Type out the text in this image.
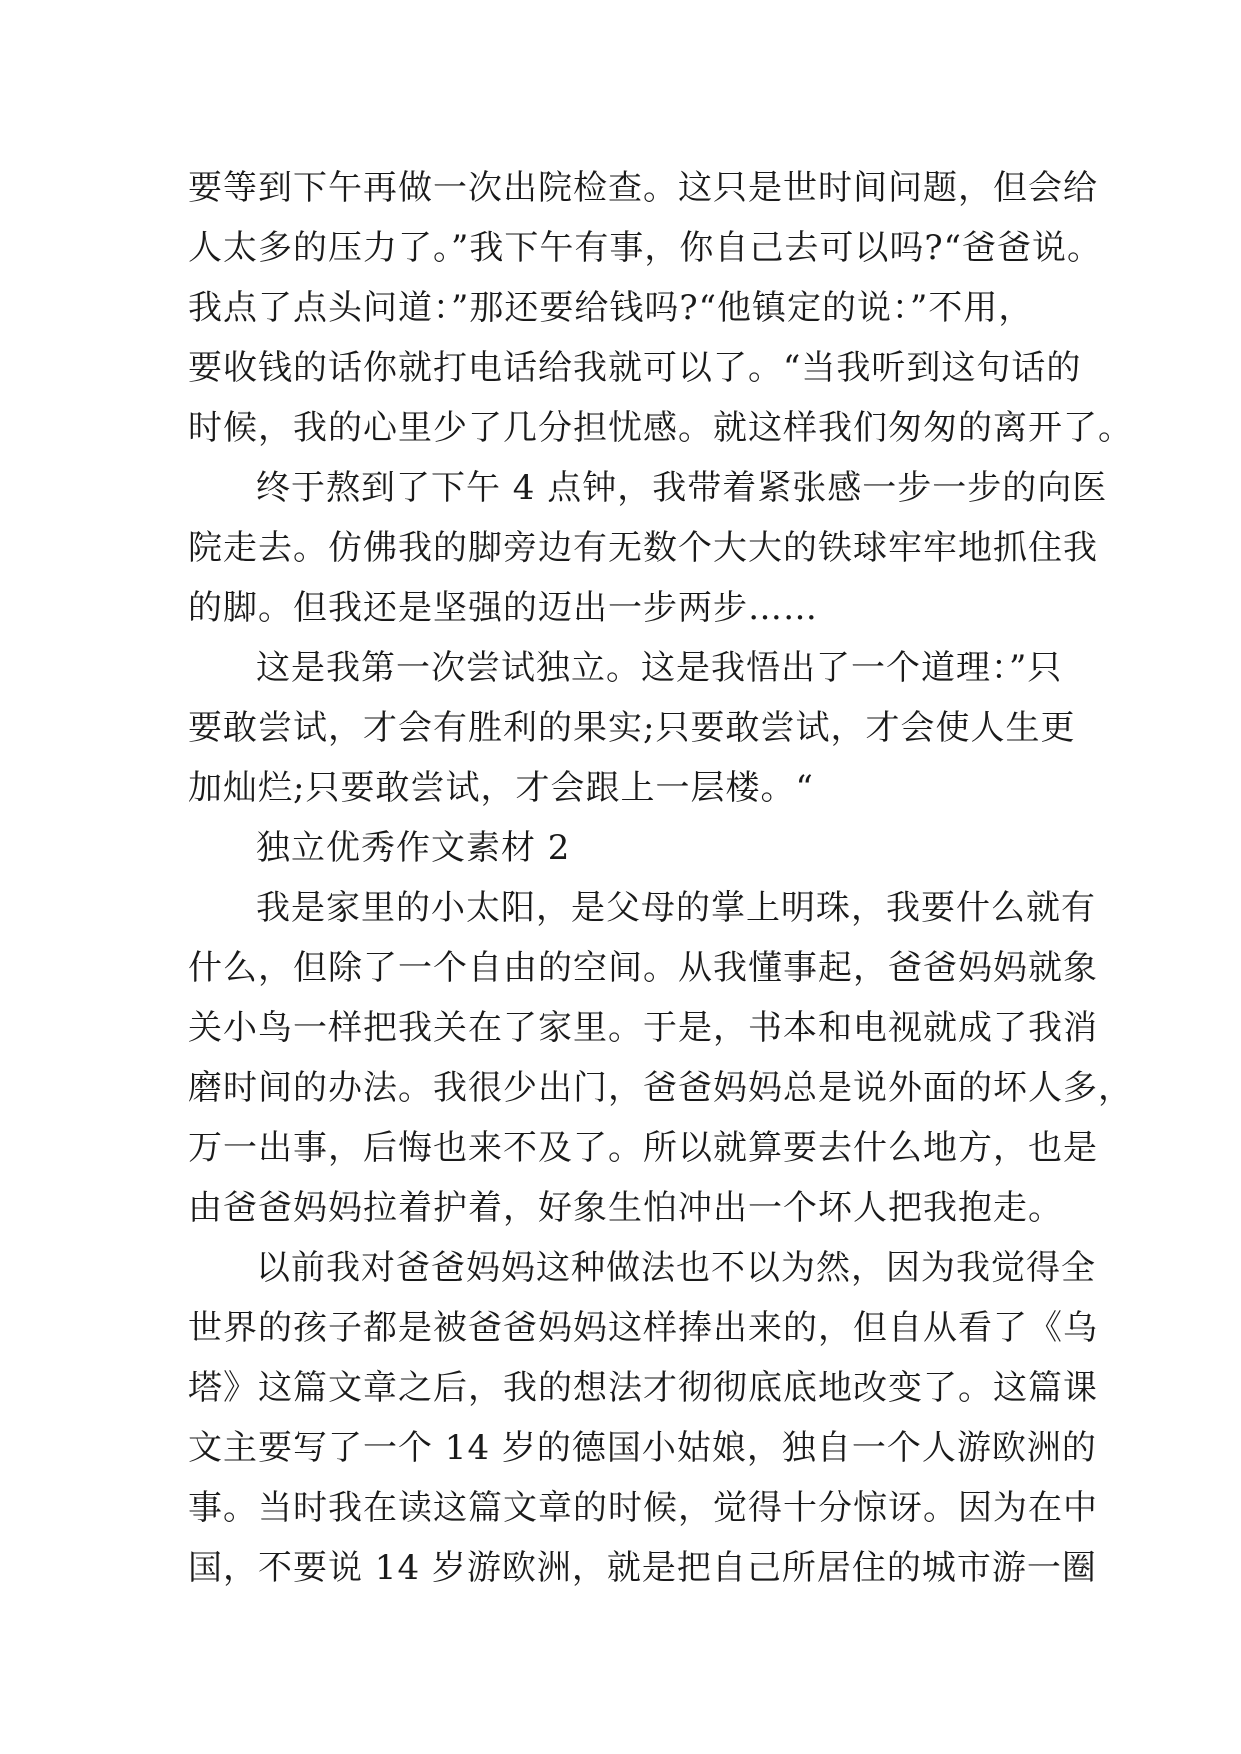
要等到下午再做一次出院检查。这只是世时间问题，但会给
人太多的压力了。”我下午有事，你自己去可以吗?“爸爸说。
我点了点头问道：”那还要给钱吗?“他镇定的说：”不用，
要收钱的话你就打电话给我就可以了。“当我听到这句话的
时候，我的心里少了几分担忧感。就这样我们匆匆的离开了。
终于熬到了下午 4 点钟，我带着紧张感一步一步的向医
院走去。仿佛我的脚旁边有无数个大大的铁球牢牢地抓住我
的脚。但我还是坚强的迈出一步两步……
这是我第一次尝试独立。这是我悟出了一个道理：”只
要敢尝试，才会有胜利的果实;只要敢尝试，才会使人生更
加灿烂;只要敢尝试，才会跟上一层楼。“
独立优秀作文素材 2
我是家里的小太阳，是父母的掌上明珠，我要什么就有
什么，但除了一个自由的空间。从我懂事起，爸爸妈妈就象
关小鸟一样把我关在了家里。于是，书本和电视就成了我消
磨时间的办法。我很少出门，爸爸妈妈总是说外面的坏人多，
万一出事，后悔也来不及了。所以就算要去什么地方，也是
由爸爸妈妈拉着护着，好象生怕冲出一个坏人把我抱走。
以前我对爸爸妈妈这种做法也不以为然，因为我觉得全
世界的孩子都是被爸爸妈妈这样捧出来的，但自从看了《乌
塔》这篇文章之后，我的想法才彻彻底底地改变了。这篇课
文主要写了一个 14 岁的德国小姑娘，独自一个人游欧洲的
事。当时我在读这篇文章的时候，觉得十分惊讶。因为在中
国，不要说 14 岁游欧洲，就是把自己所居住的城市游一圈
